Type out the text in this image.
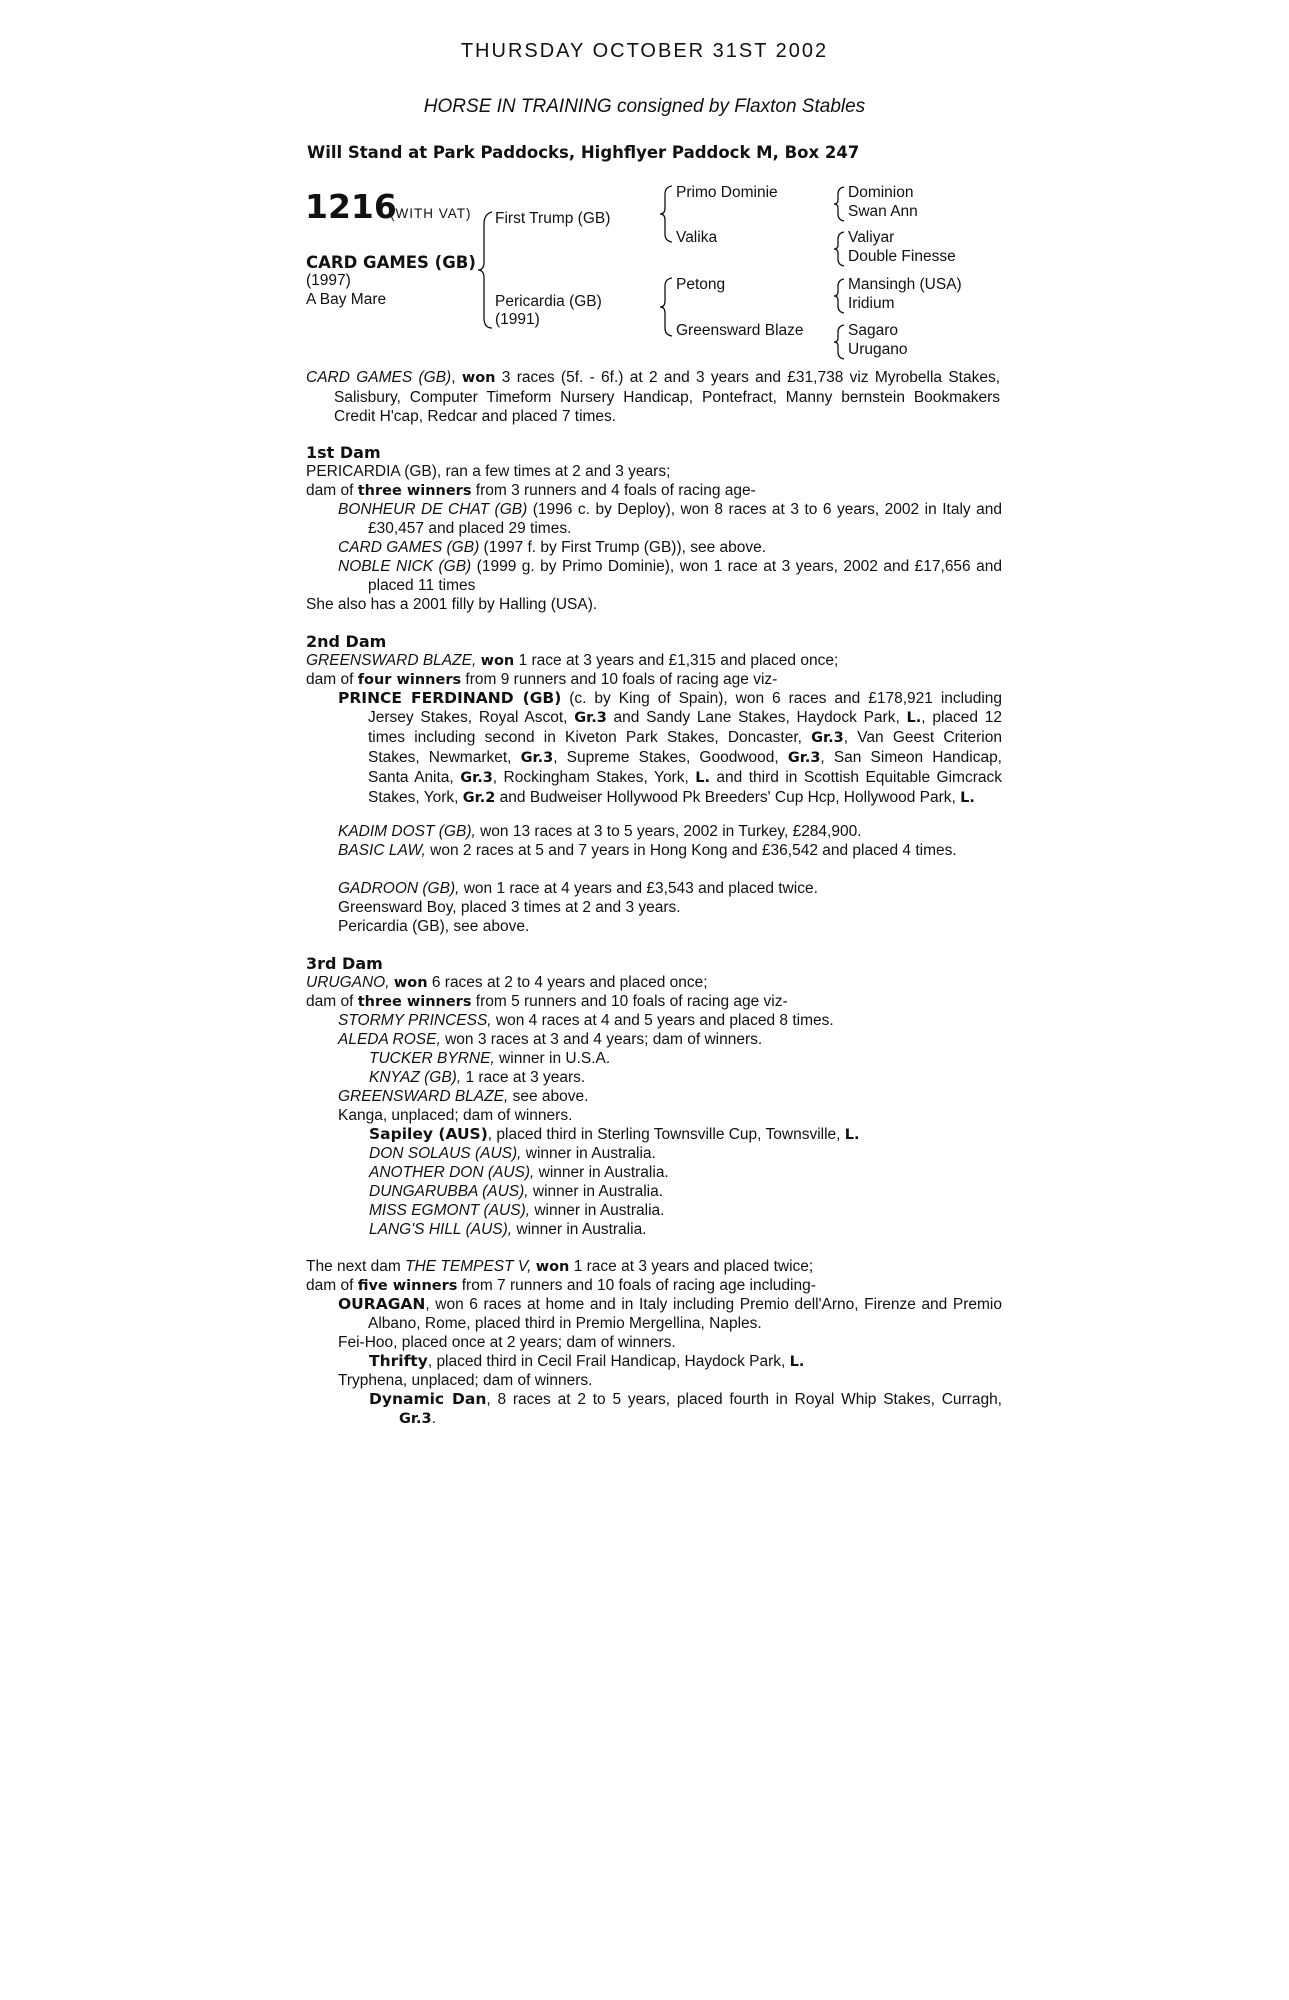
THURSDAY OCTOBER 31ST 2002
HORSE IN TRAINING consigned by Flaxton Stables
Will Stand at Park Paddocks, Highflyer Paddock M, Box 247
1216
(WITH VAT)
CARD GAMES (GB)
(1997)
A Bay Mare
First Trump (GB)
Pericardia (GB)
(1991)
Primo Dominie
Valika
Petong
Greensward Blaze
Dominion
Swan Ann
Valiyar
Double Finesse
Mansingh (USA)
Iridium
Sagaro
Urugano
CARD GAMES (GB), won 3 races (5f. - 6f.) at 2 and 3 years and £31,738 viz Myrobella Stakes, Salisbury, Computer Timeform Nursery Handicap, Pontefract, Manny bernstein Bookmakers Credit H'cap, Redcar and placed 7 times.
1st Dam
PERICARDIA (GB), ran a few times at 2 and 3 years;
dam of three winners from 3 runners and 4 foals of racing age-
BONHEUR DE CHAT (GB) (1996 c. by Deploy), won 8 races at 3 to 6 years, 2002 in Italy and £30,457 and placed 29 times.
CARD GAMES (GB) (1997 f. by First Trump (GB)), see above.
NOBLE NICK (GB) (1999 g. by Primo Dominie), won 1 race at 3 years, 2002 and £17,656 and placed 11 times
She also has a 2001 filly by Halling (USA).
2nd Dam
GREENSWARD BLAZE, won 1 race at 3 years and £1,315 and placed once;
dam of four winners from 9 runners and 10 foals of racing age viz-
PRINCE FERDINAND (GB) (c. by King of Spain), won 6 races and £178,921 including Jersey Stakes, Royal Ascot, Gr.3 and Sandy Lane Stakes, Haydock Park, L., placed 12 times including second in Kiveton Park Stakes, Doncaster, Gr.3, Van Geest Criterion Stakes, Newmarket, Gr.3, Supreme Stakes, Goodwood, Gr.3, San Simeon Handicap, Santa Anita, Gr.3, Rockingham Stakes, York, L. and third in Scottish Equitable Gimcrack Stakes, York, Gr.2 and Budweiser Hollywood Pk Breeders' Cup Hcp, Hollywood Park, L.
KADIM DOST (GB), won 13 races at 3 to 5 years, 2002 in Turkey, £284,900.
BASIC LAW, won 2 races at 5 and 7 years in Hong Kong and £36,542 and placed 4 times.
GADROON (GB), won 1 race at 4 years and £3,543 and placed twice.
Greensward Boy, placed 3 times at 2 and 3 years.
Pericardia (GB), see above.
3rd Dam
URUGANO, won 6 races at 2 to 4 years and placed once;
dam of three winners from 5 runners and 10 foals of racing age viz-
STORMY PRINCESS, won 4 races at 4 and 5 years and placed 8 times.
ALEDA ROSE, won 3 races at 3 and 4 years; dam of winners.
TUCKER BYRNE, winner in U.S.A.
KNYAZ (GB), 1 race at 3 years.
GREENSWARD BLAZE, see above.
Kanga, unplaced; dam of winners.
Sapiley (AUS), placed third in Sterling Townsville Cup, Townsville, L.
DON SOLAUS (AUS), winner in Australia.
ANOTHER DON (AUS), winner in Australia.
DUNGARUBBA (AUS), winner in Australia.
MISS EGMONT (AUS), winner in Australia.
LANG'S HILL (AUS), winner in Australia.
The next dam THE TEMPEST V, won 1 race at 3 years and placed twice;
dam of five winners from 7 runners and 10 foals of racing age including-
OURAGAN, won 6 races at home and in Italy including Premio dell'Arno, Firenze and Premio Albano, Rome, placed third in Premio Mergellina, Naples.
Fei-Hoo, placed once at 2 years; dam of winners.
Thrifty, placed third in Cecil Frail Handicap, Haydock Park, L.
Tryphena, unplaced; dam of winners.
Dynamic Dan, 8 races at 2 to 5 years, placed fourth in Royal Whip Stakes, Curragh, Gr.3.
